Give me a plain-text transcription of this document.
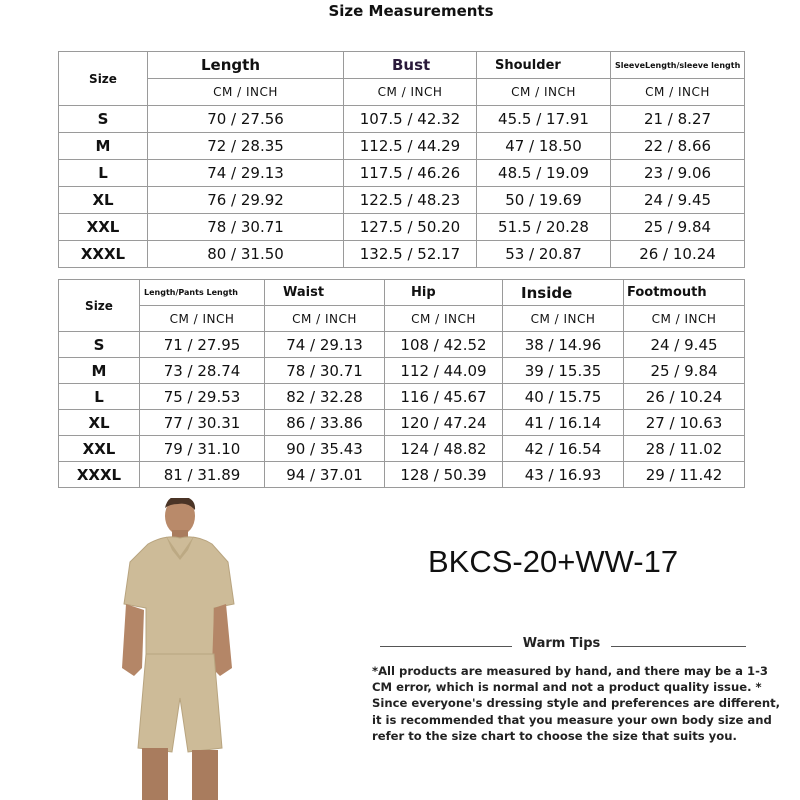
Size Measurements
Size	Length	Bust	Shoulder	SleeveLength/sleeve length
	CM / INCH	CM / INCH	CM / INCH	CM / INCH
S	70 / 27.56	107.5 / 42.32	45.5 / 17.91	21 / 8.27
M	72 / 28.35	112.5 / 44.29	47 / 18.50	22 / 8.66
L	74 / 29.13	117.5 / 46.26	48.5 / 19.09	23 / 9.06
XL	76 / 29.92	122.5 / 48.23	50 / 19.69	24 / 9.45
XXL	78 / 30.71	127.5 / 50.20	51.5 / 20.28	25 / 9.84
XXXL	80 / 31.50	132.5 / 52.17	53 / 20.87	26 / 10.24
Size	Length/Pants Length	Waist	Hip	Inside	Footmouth
	CM / INCH	CM / INCH	CM / INCH	CM / INCH	CM / INCH
S	71 / 27.95	74 / 29.13	108 / 42.52	38 / 14.96	24 / 9.45
M	73 / 28.74	78 / 30.71	112 / 44.09	39 / 15.35	25 / 9.84
L	75 / 29.53	82 / 32.28	116 / 45.67	40 / 15.75	26 / 10.24
XL	77 / 30.31	86 / 33.86	120 / 47.24	41 / 16.14	27 / 10.63
XXL	79 / 31.10	90 / 35.43	124 / 48.82	42 / 16.54	28 / 11.02
XXXL	81 / 31.89	94 / 37.01	128 / 50.39	43 / 16.93	29 / 11.42
BKCS-20+WW-17
Warm Tips
*All products are measured by hand, and there may be a 1-3
CM error, which is normal and not a product quality issue. *
Since everyone's dressing style and preferences are different,
it is recommended that you measure your own body size and
refer to the size chart to choose the size that suits you.
